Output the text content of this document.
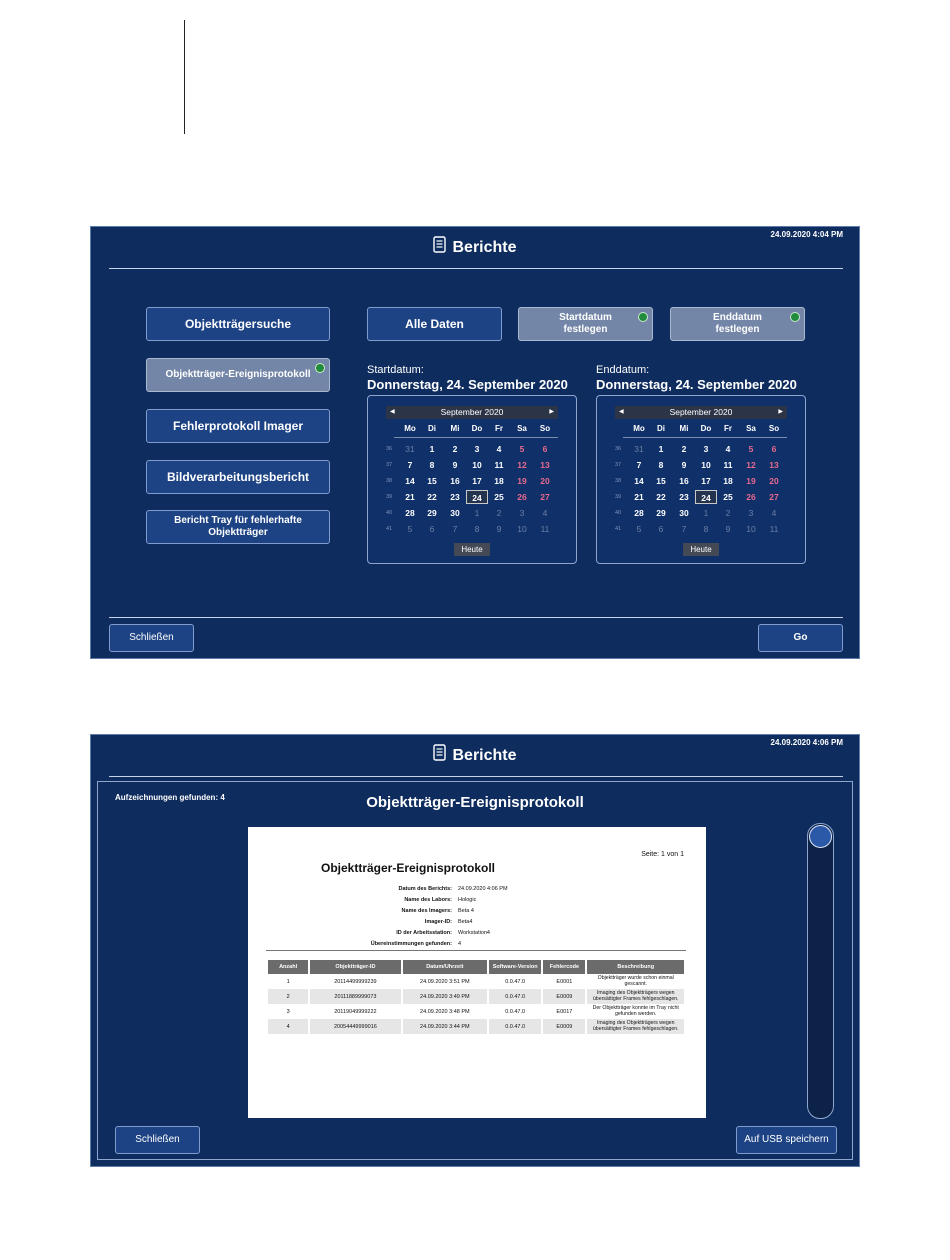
24.09.2020 4:04 PM
Berichte
Objektträgersuche
Objektträger-Ereignisprotokoll
Fehlerprotokoll Imager
Bildverarbeitungsbericht
Bericht Tray für fehlerhafte Objektträger
Alle Daten	Startdatum festlegen
Enddatum festlegen
Startdatum:
Donnerstag, 24. September 2020
Enddatum:
Donnerstag, 24. September 2020
◀	September 2020	▶
Mo	Di	Mi	Do	Fr	Sa	So
36	31	1	2	3	4	5	6
37	7	8	9	10	11	12	13
38	14	15	16	17	18	19	20
39	21	22	23	24	25	26	27
40	28	29	30	1	2	3	4
41	5	6	7	8	9	10	11
Heute
◀	September 2020	▶
Mo	Di	Mi	Do	Fr	Sa	So
36	31	1	2	3	4	5	6
37	7	8	9	10	11	12	13
38	14	15	16	17	18	19	20
39	21	22	23	24	25	26	27
40	28	29	30	1	2	3	4
41	5	6	7	8	9	10	11
Heute
Schließen	Go
24.09.2020 4:06 PM
Berichte
Aufzeichnungen gefunden: 4	Objektträger-Ereignisprotokoll
Seite: 1 von 1
Objektträger-Ereignisprotokoll
Datum des Berichts: 24.09.2020 4:06 PM
Name des Labors: Hologic
Name des Imagers: Beta 4
Imager-ID: Beta4
ID der Arbeitsstation: Workstation4
Übereinstimmungen gefunden: 4
Anzahl	Objektträger-ID	Datum/Uhrzeit	Software-Version	Fehlercode	Beschreibung
1	20114499999239	24.09.2020 3:51 PM	0.0.47.0	E0001	Objektträger wurde schon einmal gescannt.
2	20111889999073	24.09.2020 3:49 PM	0.0.47.0	E0009	Imaging des Objektträgers wegen übersättigter Frames fehlgeschlagen.
3	20119049999222	24.09.2020 3:48 PM	0.0.47.0	E0017	Der Objektträger konnte im Tray nicht gefunden werden.
4	20054449999016	24.09.2020 3:44 PM	0.0.47.0	E0009	Imaging des Objektträgers wegen übersättigter Frames fehlgeschlagen.
Schließen	Auf USB speichern
